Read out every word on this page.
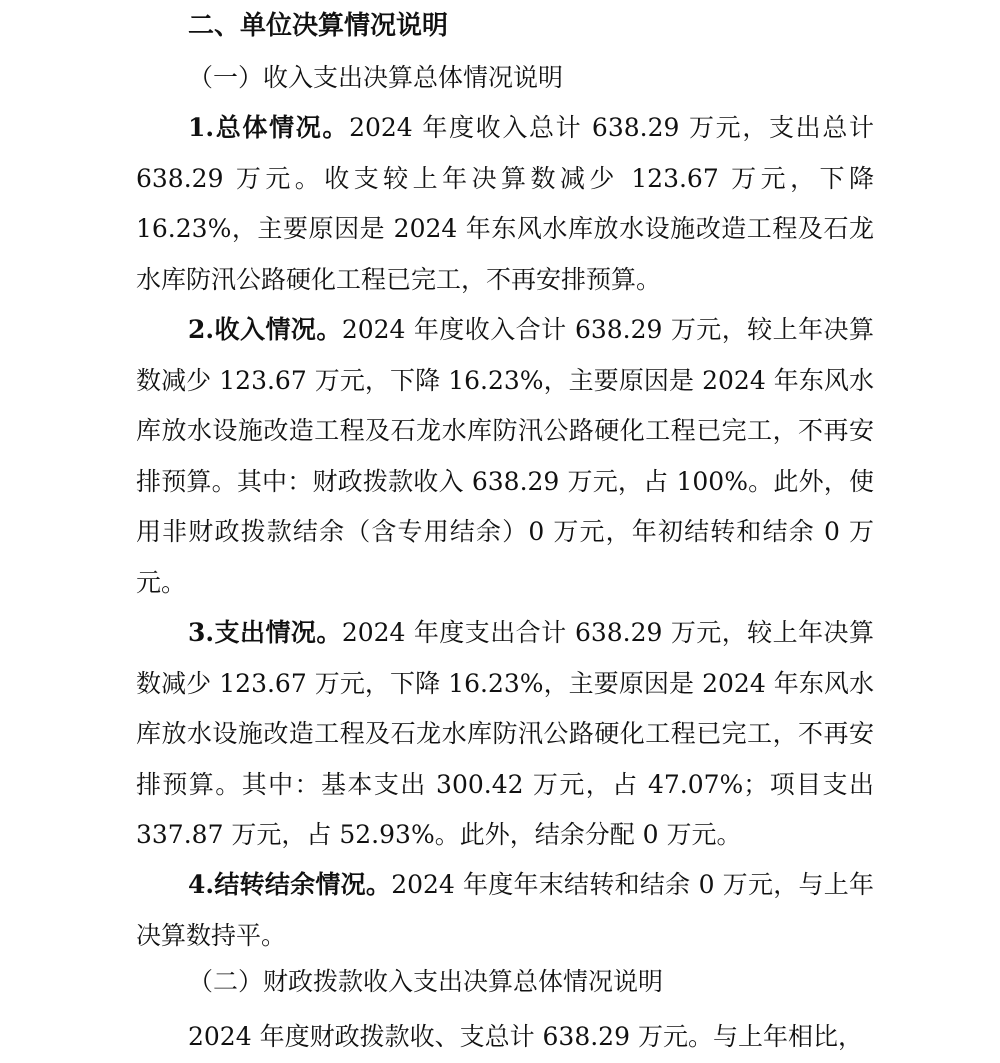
二、单位决算情况说明
（一）收入支出决算总体情况说明
1.总体情况。2024 年度收入总计 638.29 万元，支出总计 638.29 万元。收支较上年决算数减少 123.67 万元，下降 16.23%，主要原因是 2024 年东风水库放水设施改造工程及石龙水库防汛公路硬化工程已完工，不再安排预算。
2.收入情况。2024 年度收入合计 638.29 万元，较上年决算数减少 123.67 万元，下降 16.23%，主要原因是 2024 年东风水库放水设施改造工程及石龙水库防汛公路硬化工程已完工，不再安排预算。其中：财政拨款收入 638.29 万元，占 100%。此外，使用非财政拨款结余（含专用结余）0 万元，年初结转和结余 0 万元。
3.支出情况。2024 年度支出合计 638.29 万元，较上年决算数减少 123.67 万元，下降 16.23%，主要原因是 2024 年东风水库放水设施改造工程及石龙水库防汛公路硬化工程已完工，不再安排预算。其中：基本支出 300.42 万元，占 47.07%；项目支出 337.87 万元，占 52.93%。此外，结余分配 0 万元。
4.结转结余情况。2024 年度年末结转和结余 0 万元，与上年决算数持平。
（二）财政拨款收入支出决算总体情况说明
2024 年度财政拨款收、支总计 638.29 万元。与上年相比，
